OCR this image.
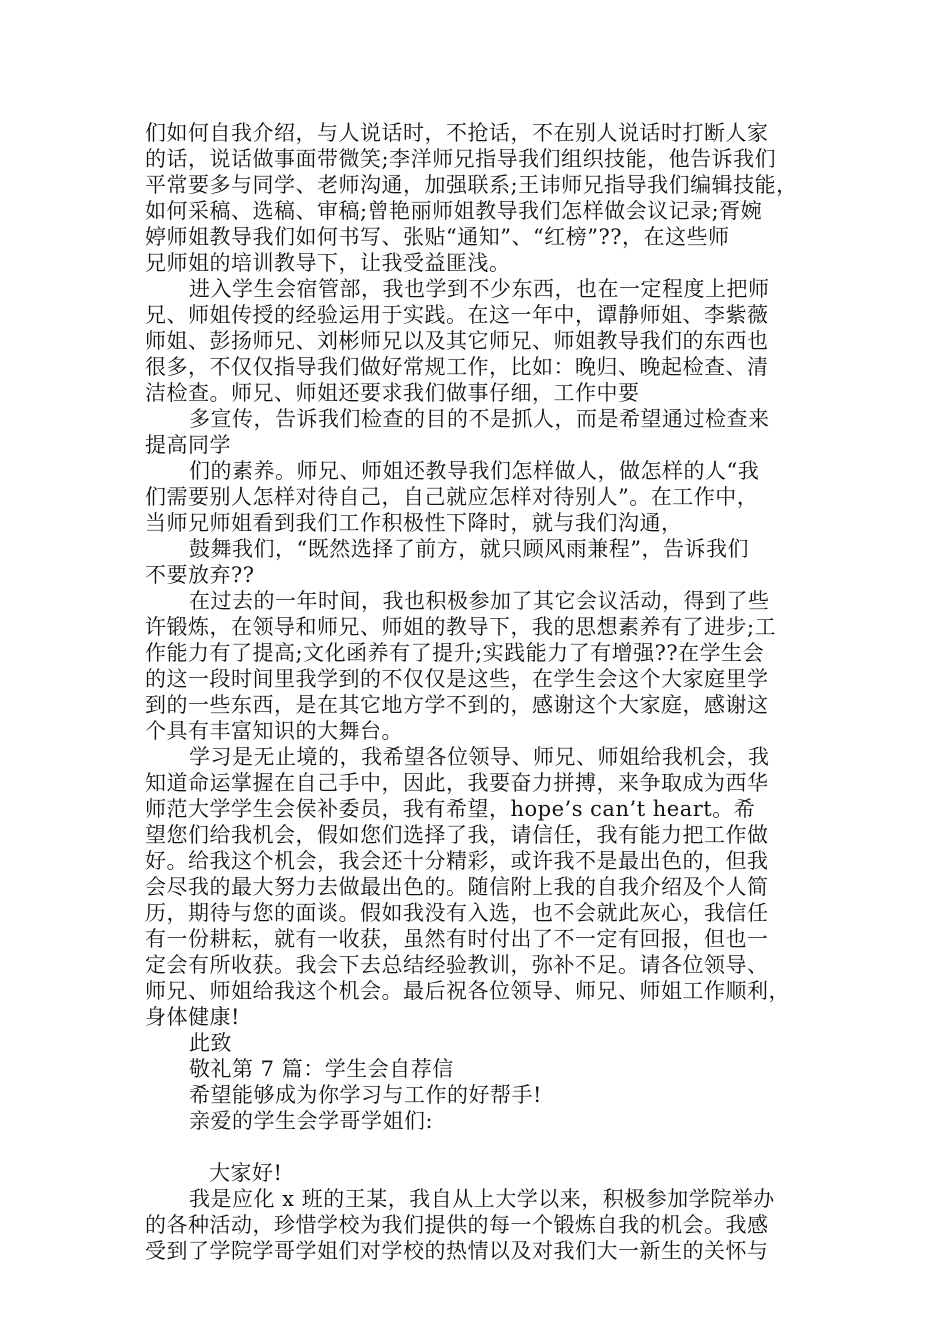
们如何自我介绍，与人说话时，不抢话，不在别人说话时打断人家
的话，说话做事面带微笑;李洋师兄指导我们组织技能，他告诉我们
平常要多与同学、老师沟通，加强联系;王讳师兄指导我们编辑技能，
如何采稿、选稿、审稿;曾艳丽师姐教导我们怎样做会议记录;胥婉
婷师姐教导我们如何书写、张贴“通知”、“红榜”??，在这些师
兄师姐的培训教导下，让我受益匪浅。
进入学生会宿管部，我也学到不少东西，也在一定程度上把师
兄、师姐传授的经验运用于实践。在这一年中，谭静师姐、李紫薇
师姐、彭扬师兄、刘彬师兄以及其它师兄、师姐教导我们的东西也
很多，不仅仅指导我们做好常规工作，比如：晚归、晚起检查、清
洁检查。师兄、师姐还要求我们做事仔细，工作中要
多宣传，告诉我们检查的目的不是抓人，而是希望通过检查来
提高同学
们的素养。师兄、师姐还教导我们怎样做人，做怎样的人“我
们需要别人怎样对待自己，自己就应怎样对待别人”。在工作中，
当师兄师姐看到我们工作积极性下降时，就与我们沟通，
鼓舞我们，“既然选择了前方，就只顾风雨兼程”，告诉我们
不要放弃??
在过去的一年时间，我也积极参加了其它会议活动，得到了些
许锻炼，在领导和师兄、师姐的教导下，我的思想素养有了进步;工
作能力有了提高;文化函养有了提升;实践能力了有增强??在学生会
的这一段时间里我学到的不仅仅是这些，在学生会这个大家庭里学
到的一些东西，是在其它地方学不到的，感谢这个大家庭，感谢这
个具有丰富知识的大舞台。
学习是无止境的，我希望各位领导、师兄、师姐给我机会，我
知道命运掌握在自己手中，因此，我要奋力拼搏，来争取成为西华
师范大学学生会侯补委员，我有希望，hope’s can’t heart。希
望您们给我机会，假如您们选择了我，请信任，我有能力把工作做
好。给我这个机会，我会还十分精彩，或许我不是最出色的，但我
会尽我的最大努力去做最出色的。随信附上我的自我介绍及个人简
历，期待与您的面谈。假如我没有入选，也不会就此灰心，我信任
有一份耕耘，就有一收获，虽然有时付出了不一定有回报，但也一
定会有所收获。我会下去总结经验教训，弥补不足。请各位领导、
师兄、师姐给我这个机会。最后祝各位领导、师兄、师姐工作顺利，
身体健康!
此致
敬礼第 7 篇：学生会自荐信
希望能够成为你学习与工作的好帮手!
亲爱的学生会学哥学姐们:
大家好!
我是应化 x 班的王某，我自从上大学以来，积极参加学院举办
的各种活动，珍惜学校为我们提供的每一个锻炼自我的机会。我感
受到了学院学哥学姐们对学校的热情以及对我们大一新生的关怀与
